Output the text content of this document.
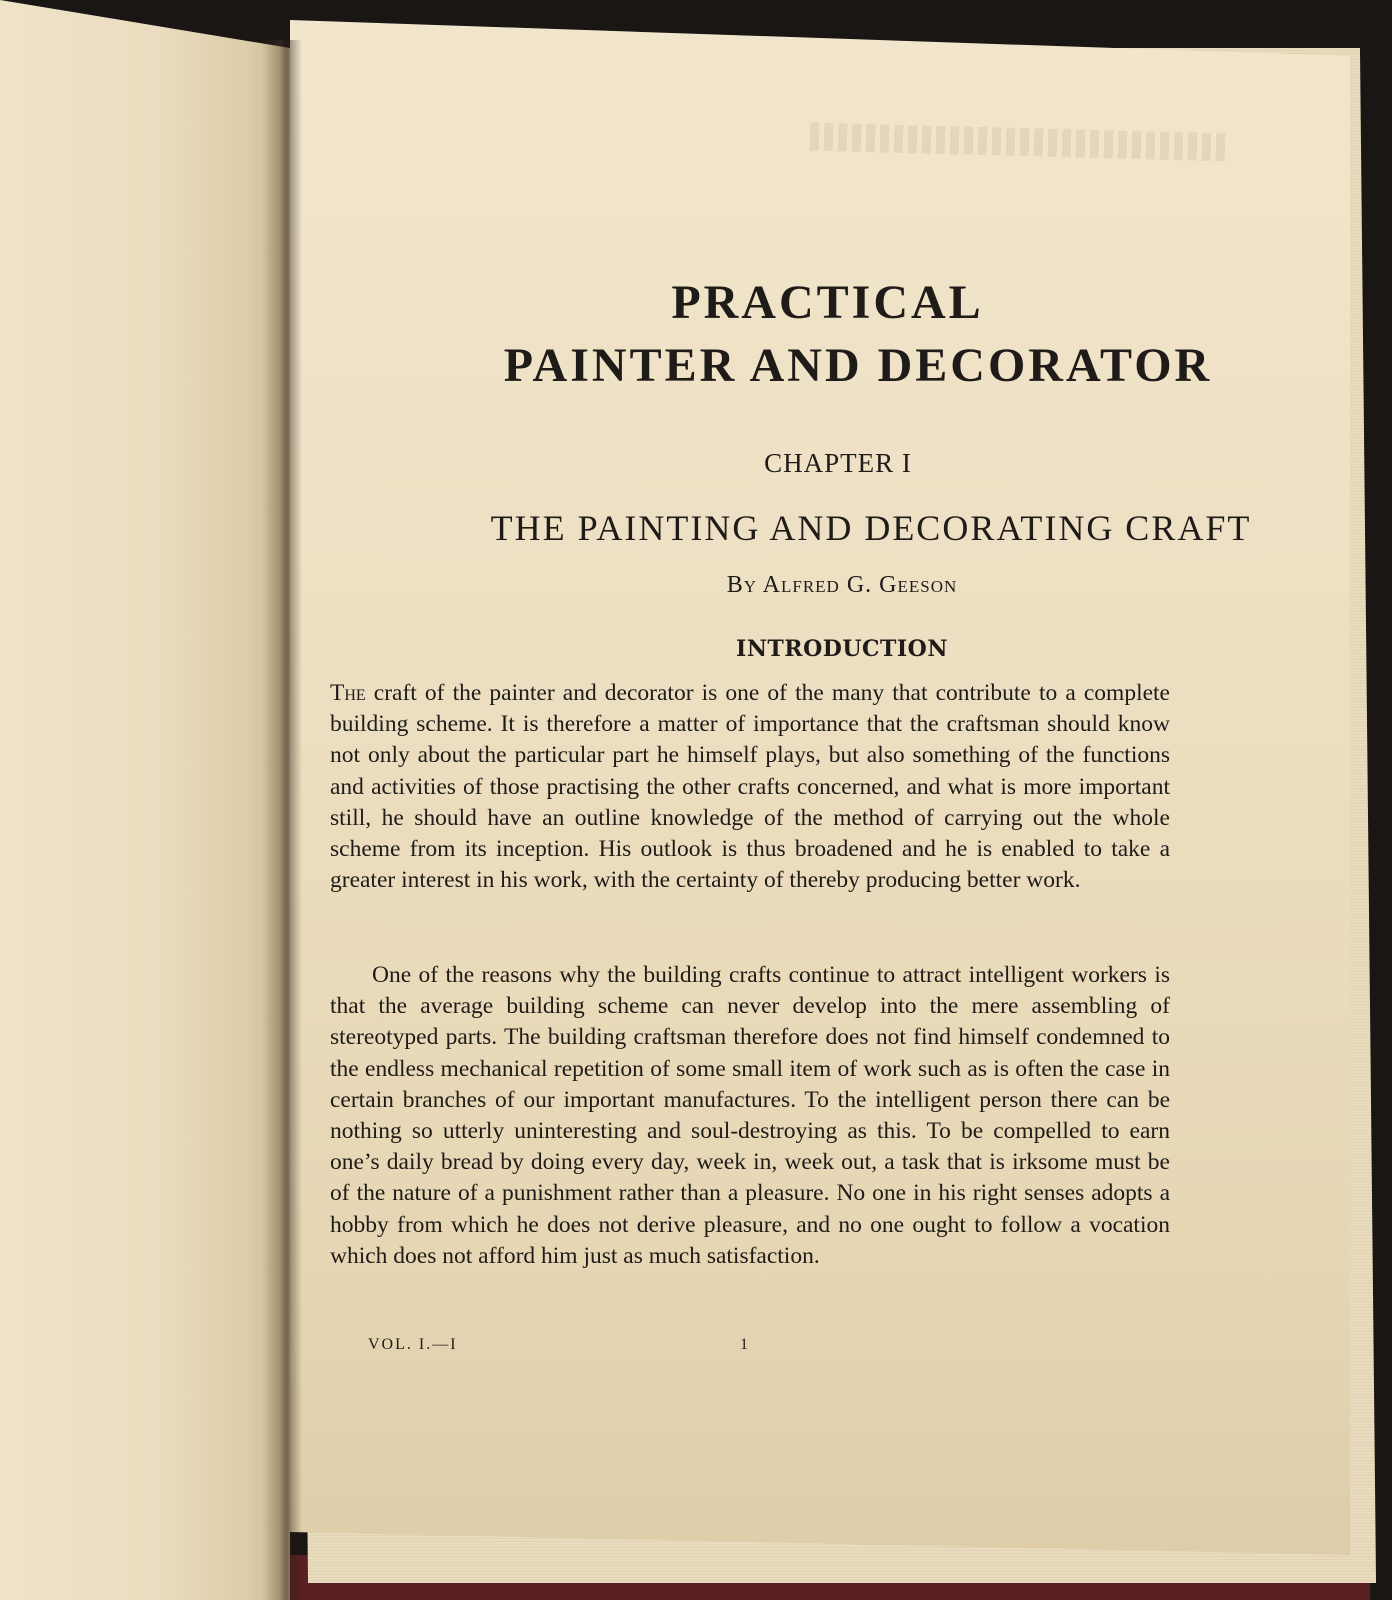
PRACTICAL
PAINTER AND DECORATOR
CHAPTER I
THE PAINTING AND DECORATING CRAFT
By Alfred G. Geeson
INTRODUCTION

The craft of the painter and decorator is one of the many that contribute to a complete building scheme. It is therefore a matter of importance that the craftsman should know not only about the particular part he himself plays, but also something of the functions and activities of those practising the other crafts concerned, and what is more important still, he should have an outline knowledge of the method of carrying out the whole scheme from its inception. His outlook is thus broadened and he is enabled to take a greater interest in his work, with the certainty of thereby producing better work.

One of the reasons why the building crafts continue to attract intelligent workers is that the average building scheme can never develop into the mere assembling of stereotyped parts. The building craftsman therefore does not find himself condemned to the endless mechanical repetition of some small item of work such as is often the case in certain branches of our important manufactures. To the intelligent person there can be nothing so utterly uninteresting and soul-destroying as this. To be compelled to earn one’s daily bread by doing every day, week in, week out, a task that is irksome must be of the nature of a punishment rather than a pleasure. No one in his right senses adopts a hobby from which he does not derive pleasure, and no one ought to follow a vocation which does not afford him just as much satisfaction.

VOL. I.—I	1
